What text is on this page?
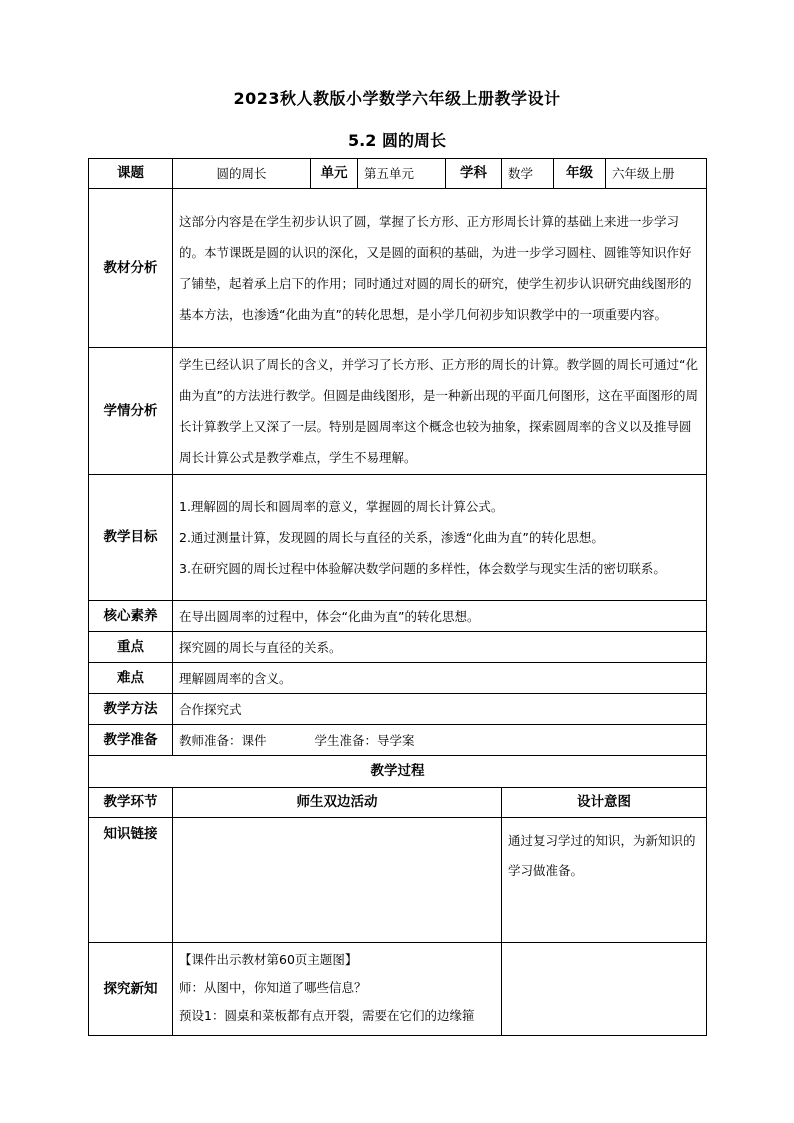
2023秋人教版小学数学六年级上册教学设计
5.2 圆的周长
课题	圆的周长	单元	第五单元	学科	数学	年级	六年级上册
教材分析	这部分内容是在学生初步认识了圆，掌握了长方形、正方形周长计算的基础上来进一步学习的。本节课既是圆的认识的深化，又是圆的面积的基础，为进一步学习圆柱、圆锥等知识作好了铺垫，起着承上启下的作用；同时通过对圆的周长的研究，使学生初步认识研究曲线图形的基本方法，也渗透“化曲为直”的转化思想，是小学几何初步知识教学中的一项重要内容。						
学情分析	学生已经认识了周长的含义，并学习了长方形、正方形的周长的计算。教学圆的周长可通过“化曲为直”的方法进行教学。但圆是曲线图形，是一种新出现的平面几何图形，这在平面图形的周长计算教学上又深了一层。特别是圆周率这个概念也较为抽象，探索圆周率的含义以及推导圆周长计算公式是教学难点，学生不易理解。						
教学目标	1.理解圆的周长和圆周率的意义，掌握圆的周长计算公式。
2.通过测量计算，发现圆的周长与直径的关系，渗透“化曲为直”的转化思想。
3.在研究圆的周长过程中体验解决数学问题的多样性，体会数学与现实生活的密切联系。						

核心素养	在导出圆周率的过程中，体会“化曲为直”的转化思想。						
重点	探究圆的周长与直径的关系。						
难点	理解圆周率的含义。						
教学方法	合作探究式						
教学准备	教师准备：课件 学生准备：导学案						
教学过程							
教学环节	师生双边活动				设计意图		
知识链接					通过复习学过的知识，为新知识的学习做准备。		
探究新知	【课件出示教材第60页主题图】
师：从图中，你知道了哪些信息？
预设1：圆桌和菜板都有点开裂，需要在它们的边缘箍						
